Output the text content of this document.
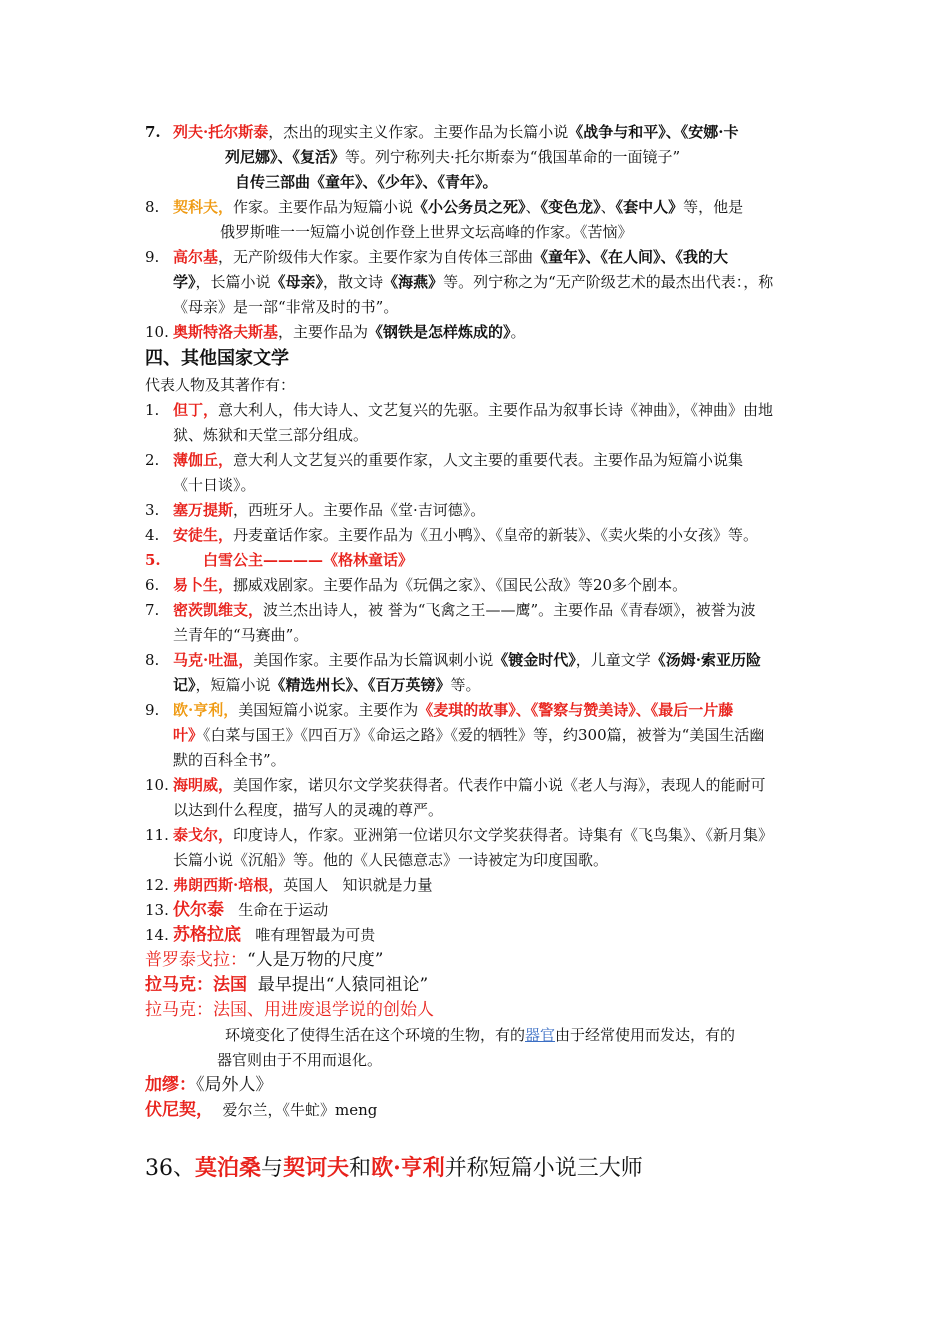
7. 列夫·托尔斯泰，杰出的现实主义作家。主要作品为长篇小说《战争与和平》、《安娜·卡
列尼娜》、《复活》等。列宁称列夫·托尔斯泰为“俄国革命的一面镜子”
自传三部曲《童年》、《少年》、《青年》。
8. 契科夫，作家。主要作品为短篇小说《小公务员之死》、《变色龙》、《套中人》等，他是
俄罗斯唯一一短篇小说创作登上世界文坛高峰的作家。《苦恼》
9. 高尔基，无产阶级伟大作家。主要作家为自传体三部曲《童年》、《在人间》、《我的大
学》，长篇小说《母亲》，散文诗《海燕》等。列宁称之为“无产阶级艺术的最杰出代表：，称
《母亲》是一部“非常及时的书”。
10. 奥斯特洛夫斯基，主要作品为《钢铁是怎样炼成的》。
四、其他国家文学
代表人物及其著作有：
1. 但丁，意大利人，伟大诗人、文艺复兴的先驱。主要作品为叙事长诗《神曲》，《神曲》由地
狱、炼狱和天堂三部分组成。
2. 薄伽丘，意大利人文艺复兴的重要作家，人文主要的重要代表。主要作品为短篇小说集
《十日谈》。
3. 塞万提斯，西班牙人。主要作品《堂·吉诃德》。
4. 安徒生，丹麦童话作家。主要作品为《丑小鸭》、《皇帝的新装》、《卖火柴的小女孩》等。
5.	白雪公主————《格林童话》
6. 易卜生，挪威戏剧家。主要作品为《玩偶之家》、《国民公敌》等20多个剧本。
7. 密茨凯维支，波兰杰出诗人，被 誉为“飞禽之王——鹰”。主要作品《青春颂》，被誉为波
兰青年的“马赛曲”。
8. 马克·吐温，美国作家。主要作品为长篇讽刺小说《镀金时代》，儿童文学《汤姆·索亚历险
记》，短篇小说《精选州长》、《百万英镑》等。
9. 欧·亨利，美国短篇小说家。主要作为《麦琪的故事》、《警察与赞美诗》、《最后一片藤
叶》《白菜与国王》《四百万》《命运之路》《爱的牺牲》等，约300篇，被誉为“美国生活幽
默的百科全书”。
10. 海明威，美国作家，诺贝尔文学奖获得者。代表作中篇小说《老人与海》，表现人的能耐可
以达到什么程度，描写人的灵魂的尊严。
11. 泰戈尔，印度诗人，作家。亚洲第一位诺贝尔文学奖获得者。诗集有《飞鸟集》、《新月集》
长篇小说《沉船》等。他的《人民德意志》一诗被定为印度国歌。
12. 弗朗西斯·培根，英国人   知识就是力量
13. 伏尔泰   生命在于运动
14. 苏格拉底   唯有理智最为可贵
普罗泰戈拉：“人是万物的尺度”
拉马克：法国  最早提出“人猿同祖论”
拉马克：法国、用进废退学说的创始人
环境变化了使得生活在这个环境的生物，有的器官由于经常使用而发达，有的
器官则由于不用而退化。
加缪：《局外人》
伏尼契，  爱尔兰，《牛虻》meng
36、莫泊桑与契诃夫和欧·亨利并称短篇小说三大师
